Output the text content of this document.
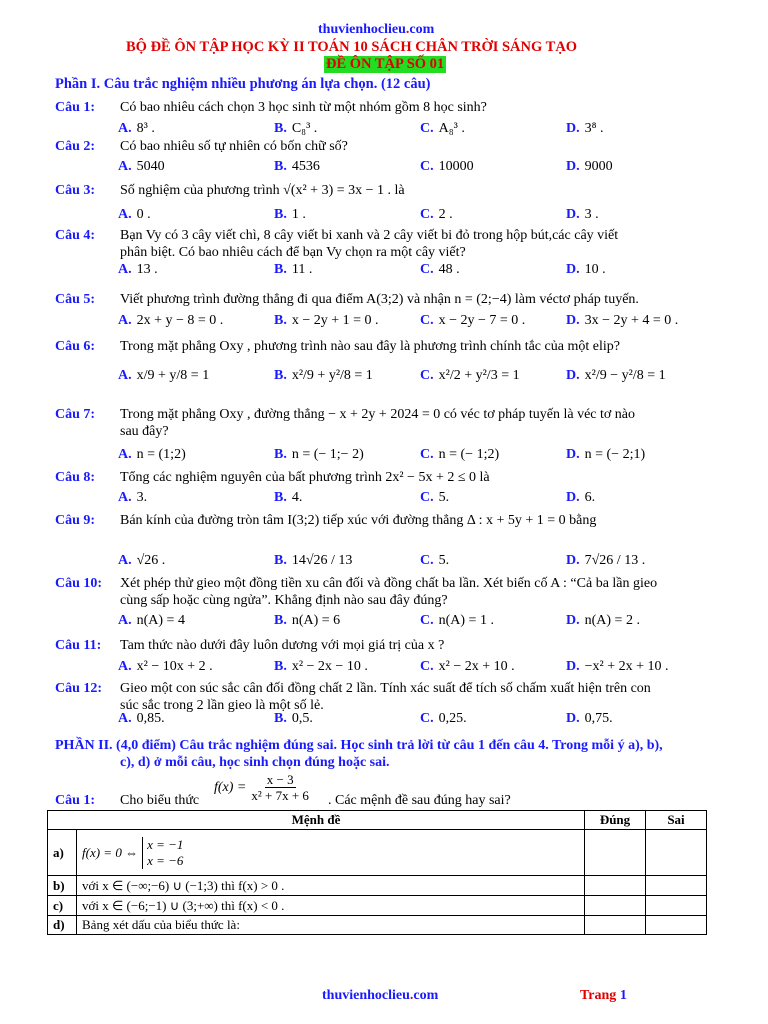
thuvienhoclieu.com
BỘ ĐỀ ÔN TẬP HỌC KỲ II TOÁN 10 SÁCH CHÂN TRỜI SÁNG TẠO
ĐỀ ÔN TẬP SỐ 01
Phần I. Câu trắc nghiệm nhiều phương án lựa chọn. (12 câu)
Câu 1: Có bao nhiêu cách chọn 3 học sinh từ một nhóm gồm 8 học sinh?
A. 8³ .	B. C₈³ .	C. A₈³ .	D. 3⁸ .
Câu 2: Có bao nhiêu số tự nhiên có bốn chữ số?
A. 5040	B. 4536	C. 10000	D. 9000
Câu 3: Số nghiệm của phương trình √(x² + 3) = 3x − 1 . là
A. 0 .	B. 1 .	C. 2 .	D. 3 .
Câu 4: Bạn Vy có 3 cây viết chì, 8 cây viết bi xanh và 2 cây viết bi đỏ trong hộp bút,các cây viết
phân biệt. Có bao nhiêu cách để bạn Vy chọn ra một cây viết?
A. 13 .	B. 11 .	C. 48 .	D. 10 .
Câu 5: Viết phương trình đường thẳng đi qua điểm A(3;2) và nhận n = (2;−4) làm véctơ pháp tuyến.
A. 2x + y − 8 = 0 .	B. x − 2y + 1 = 0 .	C. x − 2y − 7 = 0 .	D. 3x − 2y + 4 = 0 .
Câu 6: Trong mặt phẳng Oxy , phương trình nào sau đây là phương trình chính tắc của một elip?
A. x/9 + y/8 = 1	B. x²/9 + y²/8 = 1	C. x²/2 + y²/3 = 1	D. x²/9 − y²/8 = 1
Câu 7: Trong mặt phẳng Oxy , đường thẳng − x + 2y + 2024 = 0 có véc tơ pháp tuyến là véc tơ nào
sau đây?
A. n = (1;2)	B. n = (− 1;− 2)	C. n = (− 1;2)	D. n = (− 2;1)
Câu 8: Tổng các nghiệm nguyên của bất phương trình 2x² − 5x + 2 ≤ 0 là
A. 3.	B. 4.	C. 5.	D. 6.
Câu 9: Bán kính của đường tròn tâm I(3;2) tiếp xúc với đường thẳng Δ : x + 5y + 1 = 0 bằng
A. √26 .	B. 14√26 / 13	C. 5.	D. 7√26 / 13 .
Câu 10: Xét phép thử gieo một đồng tiền xu cân đối và đồng chất ba lần. Xét biến cố A : “Cả ba lần gieo
cùng sấp hoặc cùng ngửa”. Khẳng định nào sau đây đúng?
A. n(A) = 4	B. n(A) = 6	C. n(A) = 1 .	D. n(A) = 2 .
Câu 11: Tam thức nào dưới đây luôn dương với mọi giá trị của x ?
A. x² − 10x + 2 .	B. x² − 2x − 10 .	C. x² − 2x + 10 .	D. −x² + 2x + 10 .
Câu 12: Gieo một con súc sắc cân đối đồng chất 2 lần. Tính xác suất để tích số chấm xuất hiện trên con
súc sắc trong 2 lần gieo là một số lẻ.
A. 0,85.	B. 0,5.	C. 0,25.	D. 0,75.
PHẦN II. (4,0 điểm) Câu trắc nghiệm đúng sai. Học sinh trả lời từ câu 1 đến câu 4. Trong mỗi ý a), b),
c), d) ở mỗi câu, học sinh chọn đúng hoặc sai.
Câu 1: Cho biểu thức
$f(x) = \frac{x - 3}{\text{x² + 7x + 6}}$ . Các mệnh đề sau đúng hay sai?
Mệnh đề		Đúng	Sai
a)	f(x) = 0 ⇔
x = −1
x = −6		

b)	với x ∈ (−∞;−6) ∪ (−1;3) thì f(x) > 0 .		
c)	với x ∈ (−6;−1) ∪ (3;+∞) thì f(x) < 0 .		
d)	Bảng xét dấu của biểu thức là:		
thuvienhoclieu.com	Trang 1
